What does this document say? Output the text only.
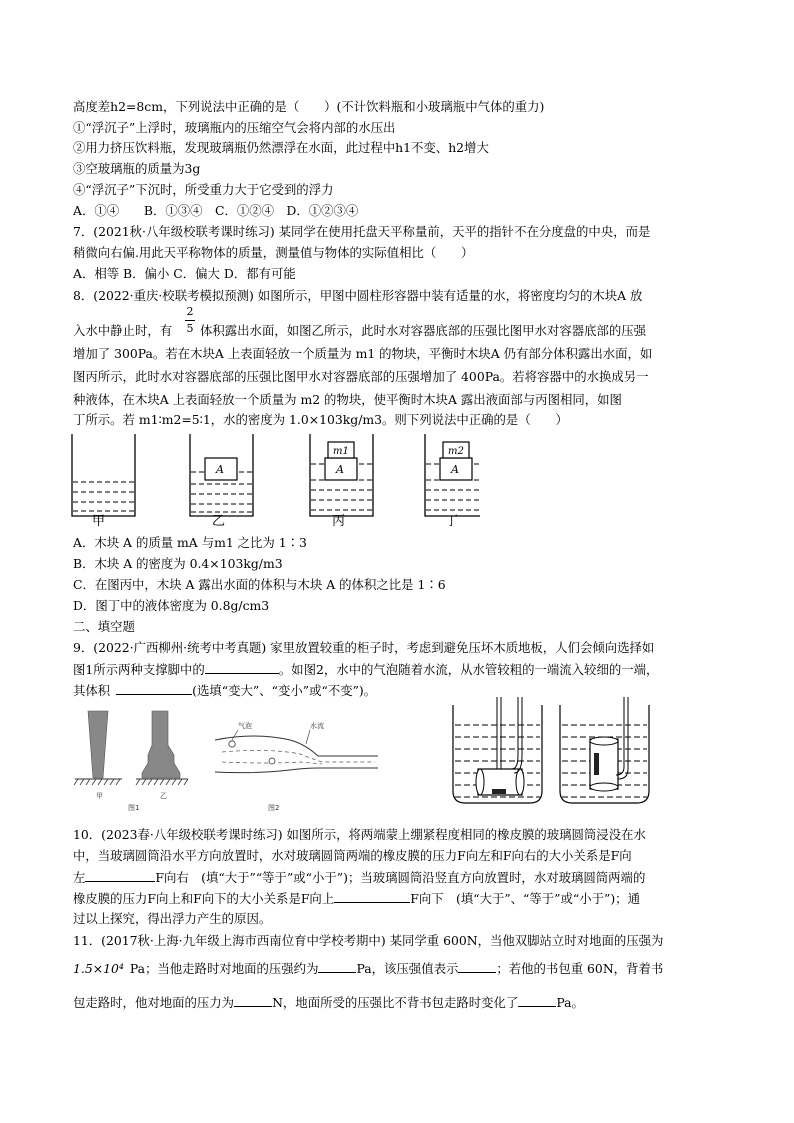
高度差h2=8cm，下列说法中正确的是（　　）(不计饮料瓶和小玻璃瓶中气体的重力)
①“浮沉子”上浮时，玻璃瓶内的压缩空气会将内部的水压出
②用力挤压饮料瓶，发现玻璃瓶仍然漂浮在水面，此过程中h1不变、h2增大
③空玻璃瓶的质量为3g
④“浮沉子”下沉时，所受重力大于它受到的浮力
A．①④　　B．①③④　C．①②④　D．①②③④
7．(2021秋·八年级校联考课时练习) 某同学在使用托盘天平称量前，天平的指针不在分度盘的中央，而是
稍微向右偏.用此天平称物体的质量，测量值与物体的实际值相比（　　）
A．相等 B．偏小 C．偏大 D．都有可能
8．(2022·重庆·校联考模拟预测) 如图所示，甲图中圆柱形容器中装有适量的水，将密度均匀的木块A 放
2
5
入水中静止时，有 体积露出水面，如图乙所示，此时水对容器底部的压强比图甲水对容器底部的压强
增加了 300Pa。若在木块A 上表面轻放一个质量为 m1 的物块，平衡时木块A 仍有部分体积露出水面，如
图丙所示，此时水对容器底部的压强比图甲水对容器底部的压强增加了 400Pa。若将容器中的水换成另一
种液体，在木块A 上表面轻放一个质量为 m2 的物块，使平衡时木块A 露出液面部与丙图相同，如图
丁所示。若 m1∶m2=5∶1，水的密度为 1.0×103kg/m3。则下列说法中正确的是（　　）
A	A	A
m1	m2
甲	乙	丙	丁
A．木块 A 的质量 mA 与m1 之比为 1∶3
B．木块 A 的密度为 0.4×103kg/m3
C．在图丙中，木块 A 露出水面的体积与木块 A 的体积之比是 1∶6
D．图丁中的液体密度为 0.8g/cm3
二、填空题
9．(2022·广西柳州·统考中考真题) 家里放置较重的柜子时，考虑到避免压坏木质地板，人们会倾向选择如
图1所示两种支撑脚中的	。如图2，水中的气泡随着水流，从水管较粗的一端流入较细的一端，
其体积	(选填“变大”、“变小”或“不变”)。
甲	乙
图1
气泡	水流
图2
10．(2023春·八年级校联考课时练习) 如图所示，将两端蒙上绷紧程度相同的橡皮膜的玻璃圆筒浸没在水
中，当玻璃圆筒沿水平方向放置时，水对玻璃圆筒两端的橡皮膜的压力F向左和F向右的大小关系是F向
左	F向右　(填“大于”“等于”或“小于”)；当玻璃圆筒沿竖直方向放置时，水对玻璃圆筒两端的
橡皮膜的压力F向上和F向下的大小关系是F向上	F向下　(填“大于”、“等于”或“小于”)；通
过以上探究，得出浮力产生的原因。
11．(2017秋·上海·九年级上海市西南位育中学校考期中) 某同学重 600N，当他双脚站立时对地面的压强为
1.5×10⁴ Pa；当他走路时对地面的压强约为	Pa，该压强值表示	；若他的书包重 60N，背着书
包走路时，他对地面的压力为	N，地面所受的压强比不背书包走路时变化了	Pa。
